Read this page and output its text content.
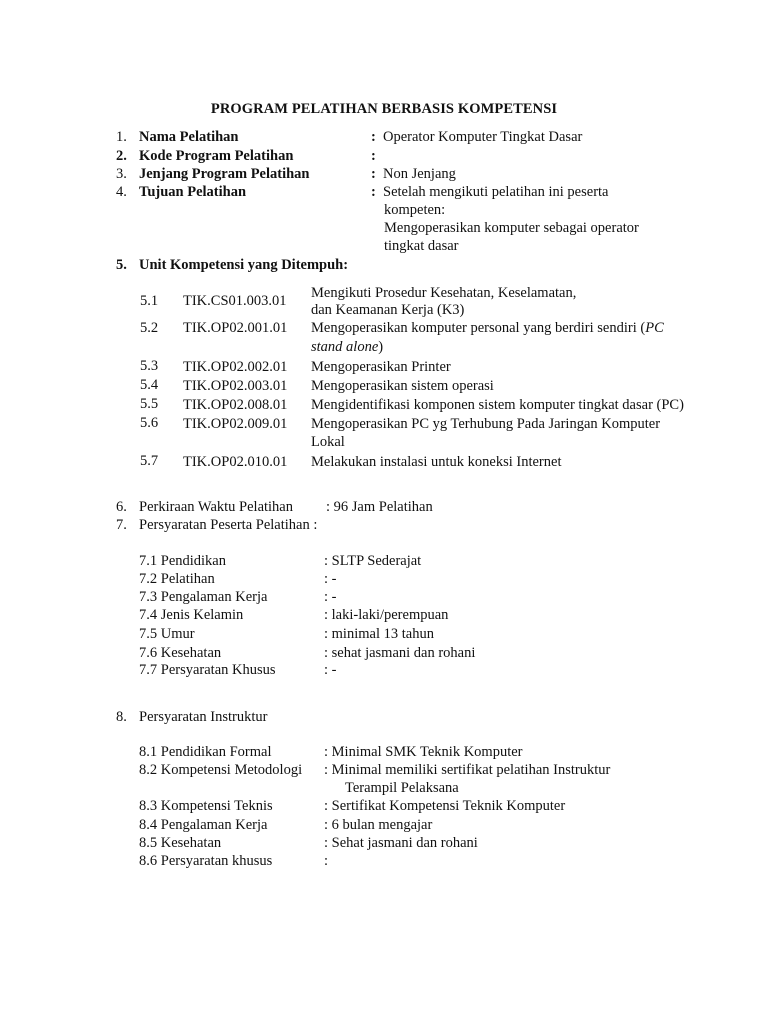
PROGRAM PELATIHAN BERBASIS KOMPETENSI
1. Nama Pelatihan	: Operator Komputer Tingkat Dasar
2. Kode Program Pelatihan	:
3. Jenjang Program Pelatihan	: Non Jenjang
4. Tujuan Pelatihan	: Setelah mengikuti pelatihan ini peserta
kompeten:
Mengoperasikan komputer sebagai operator
tingkat dasar
5. Unit Kompetensi yang Ditempuh:
5.1 TIK.CS01.003.01 Mengikuti Prosedur Kesehatan, Keselamatan,
dan Keamanan Kerja (K3)
5.2 TIK.OP02.001.01 Mengoperasikan komputer personal yang berdiri sendiri (PC
stand alone)
5.3 TIK.OP02.002.01 Mengoperasikan Printer
5.4 TIK.OP02.003.01 Mengoperasikan sistem operasi
5.5 TIK.OP02.008.01 Mengidentifikasi komponen sistem komputer tingkat dasar (PC)
5.6 TIK.OP02.009.01 Mengoperasikan PC yg Terhubung Pada Jaringan Komputer
Lokal
5.7 TIK.OP02.010.01 Melakukan instalasi untuk koneksi Internet
6. Perkiraan Waktu Pelatihan : 96 Jam Pelatihan
7. Persyaratan Peserta Pelatihan :
7.1 Pendidikan	: SLTP Sederajat
7.2 Pelatihan	: -
7.3 Pengalaman Kerja	: -
7.4 Jenis Kelamin	: laki-laki/perempuan
7.5 Umur	: minimal 13 tahun
7.6 Kesehatan	: sehat jasmani dan rohani
7.7 Persyaratan Khusus	: -
8. Persyaratan Instruktur
8.1 Pendidikan Formal	: Minimal SMK Teknik Komputer
8.2 Kompetensi Metodologi : Minimal memiliki sertifikat pelatihan Instruktur
Terampil Pelaksana
8.3 Kompetensi Teknis	: Sertifikat Kompetensi Teknik Komputer
8.4 Pengalaman Kerja	: 6 bulan mengajar
8.5 Kesehatan	: Sehat jasmani dan rohani
8.6 Persyaratan khusus	:
